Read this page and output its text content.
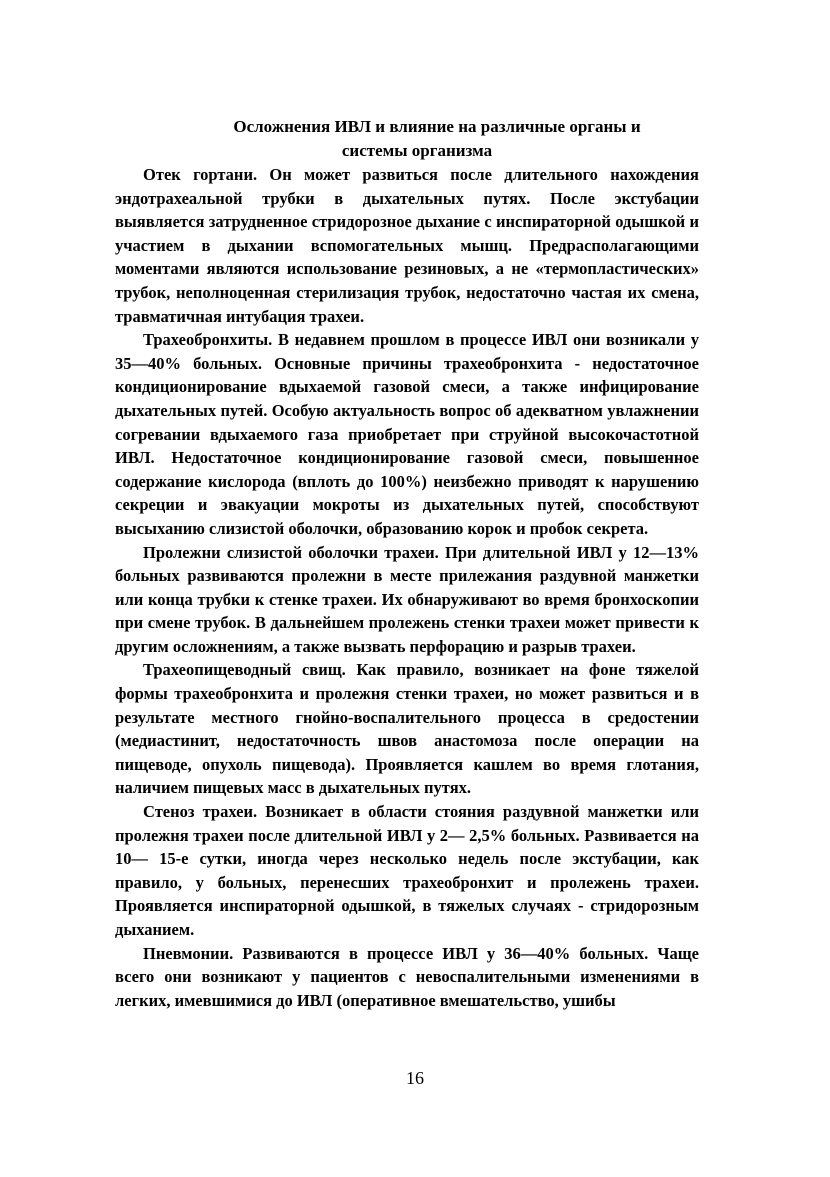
Осложнения ИВЛ и влияние на различные органы и
системы организма

Отек гортани. Он может развиться после длительного нахождения эндотрахеальной трубки в дыхательных путях. После экстубации выявляется затрудненное стридорозное дыхание с инспираторной одышкой и участием в дыхании вспомогательных мышц. Предрасполагающими моментами являются использование резиновых, а не «термопластических» трубок, неполноценная стерилизация трубок, недостаточно частая их смена, травматичная интубация трахеи.

Трахеобронхиты. В недавнем прошлом в процессе ИВЛ они возникали у 35—40% больных. Основные причины трахеобронхита - недостаточное кондиционирование вдыхаемой газовой смеси, а также инфицирование дыхательных путей. Особую актуальность вопрос об адекватном увлажнении согревании вдыхаемого газа приобретает при струйной высокочастотной ИВЛ. Недостаточное кондиционирование газовой смеси, повышенное содержание кислорода (вплоть до 100%) неизбежно приводят к нарушению секреции и эвакуации мокроты из дыхательных путей, способствуют высыханию слизистой оболочки, образованию корок и пробок секрета.

Пролежни слизистой оболочки трахеи. При длительной ИВЛ у 12—13% больных развиваются пролежни в месте прилежания раздувной манжетки или конца трубки к стенке трахеи. Их обнаруживают во время бронхоскопии при смене трубок. В дальнейшем пролежень стенки трахеи может привести к другим осложнениям, а также вызвать перфорацию и разрыв трахеи.

Трахеопищеводный свищ. Как правило, возникает на фоне тяжелой формы трахеобронхита и пролежня стенки трахеи, но может развиться и в результате местного гнойно-воспалительного процесса в средостении (медиастинит, недостаточность швов анастомоза после операции на пищеводе, опухоль пищевода). Проявляется кашлем во время глотания, наличием пищевых масс в дыхательных путях.

Стеноз трахеи. Возникает в области стояния раздувной манжетки или пролежня трахеи после длительной ИВЛ у 2— 2,5% больных. Развивается на 10— 15-е сутки, иногда через несколько недель после экстубации, как правило, у больных, перенесших трахеобронхит и пролежень трахеи. Проявляется инспираторной одышкой, в тяжелых случаях - стридорозным дыханием.

Пневмонии. Развиваются в процессе ИВЛ у 36—40% больных. Чаще всего они возникают у пациентов с невоспалительными изменениями в легких, имевшимися до ИВЛ (оперативное вмешательство, ушибы

16
